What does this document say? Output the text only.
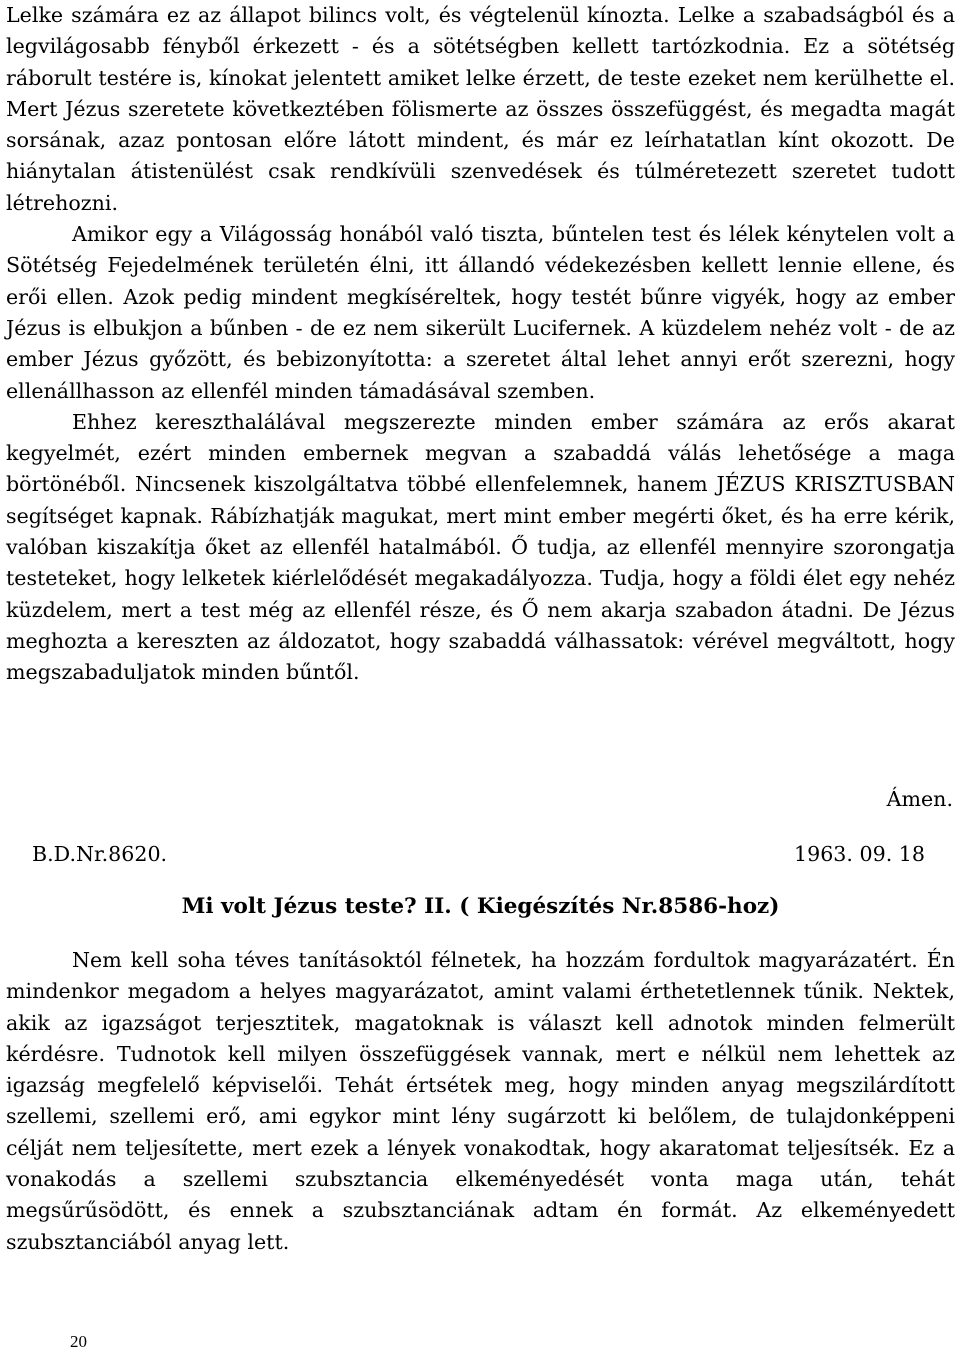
Lelke számára ez az állapot bilincs volt, és végtelenül kínozta. Lelke a szabadságból és a legvilágosabb fényből érkezett - és a sötétségben kellett tartózkodnia. Ez a sötétség ráborult testére is, kínokat jelentett amiket lelke érzett, de teste ezeket nem kerülhette el. Mert Jézus szeretete következtében fölismerte az összes összefüggést, és megadta magát sorsának, azaz pontosan előre látott mindent, és már ez leírhatatlan kínt okozott. De hiánytalan átistenülést csak rendkívüli szenvedések és túlméretezett szeretet tudott létrehozni.

Amikor egy a Világosság honából való tiszta, bűntelen test és lélek kénytelen volt a Sötétség Fejedelmének területén élni, itt állandó védekezésben kellett lennie ellene, és erői ellen. Azok pedig mindent megkíséreltek, hogy testét bűnre vigyék, hogy az ember Jézus is elbukjon a bűnben - de ez nem sikerült Lucifernek. A küzdelem nehéz volt - de az ember Jézus győzött, és bebizonyította: a szeretet által lehet annyi erőt szerezni, hogy ellenállhasson az ellenfél minden támadásával szemben.

Ehhez kereszthalálával megszerezte minden ember számára az erős akarat kegyelmét, ezért minden embernek megvan a szabaddá válás lehetősége a maga börtönéből. Nincsenek kiszolgáltatva többé ellenfelemnek, hanem JÉZUS KRISZTUSBAN segítséget kapnak. Rábízhatják magukat, mert mint ember megérti őket, és ha erre kérik, valóban kiszakítja őket az ellenfél hatalmából. Ő tudja, az ellenfél mennyire szorongatja testeteket, hogy lelketek kiérlelődését megakadályozza. Tudja, hogy a földi élet egy nehéz küzdelem, mert a test még az ellenfél része, és Ő nem akarja szabadon átadni. De Jézus meghozta a kereszten az áldozatot, hogy szabaddá válhassatok: vérével megváltott, hogy megszabaduljatok minden bűntől.

Ámen.
B.D.Nr.8620.	1963. 09. 18
Mi volt Jézus teste? II. ( Kiegészítés Nr.8586-hoz)

Nem kell soha téves tanításoktól félnetek, ha hozzám fordultok magyarázatért. Én mindenkor megadom a helyes magyarázatot, amint valami érthetetlennek tűnik. Nektek, akik az igazságot terjesztitek, magatoknak is választ kell adnotok minden felmerült kérdésre. Tudnotok kell milyen összefüggések vannak, mert e nélkül nem lehettek az igazság megfelelő képviselői. Tehát értsétek meg, hogy minden anyag megszilárdított szellemi, szellemi erő, ami egykor mint lény sugárzott ki belőlem, de tulajdonképpeni célját nem teljesítette, mert ezek a lények vonakodtak, hogy akaratomat teljesítsék. Ez a vonakodás a szellemi szubsztancia elkeményedését vonta maga után, tehát megsűrűsödött, és ennek a szubsztanciának adtam én formát. Az elkeményedett szubsztanciából anyag lett.

20
